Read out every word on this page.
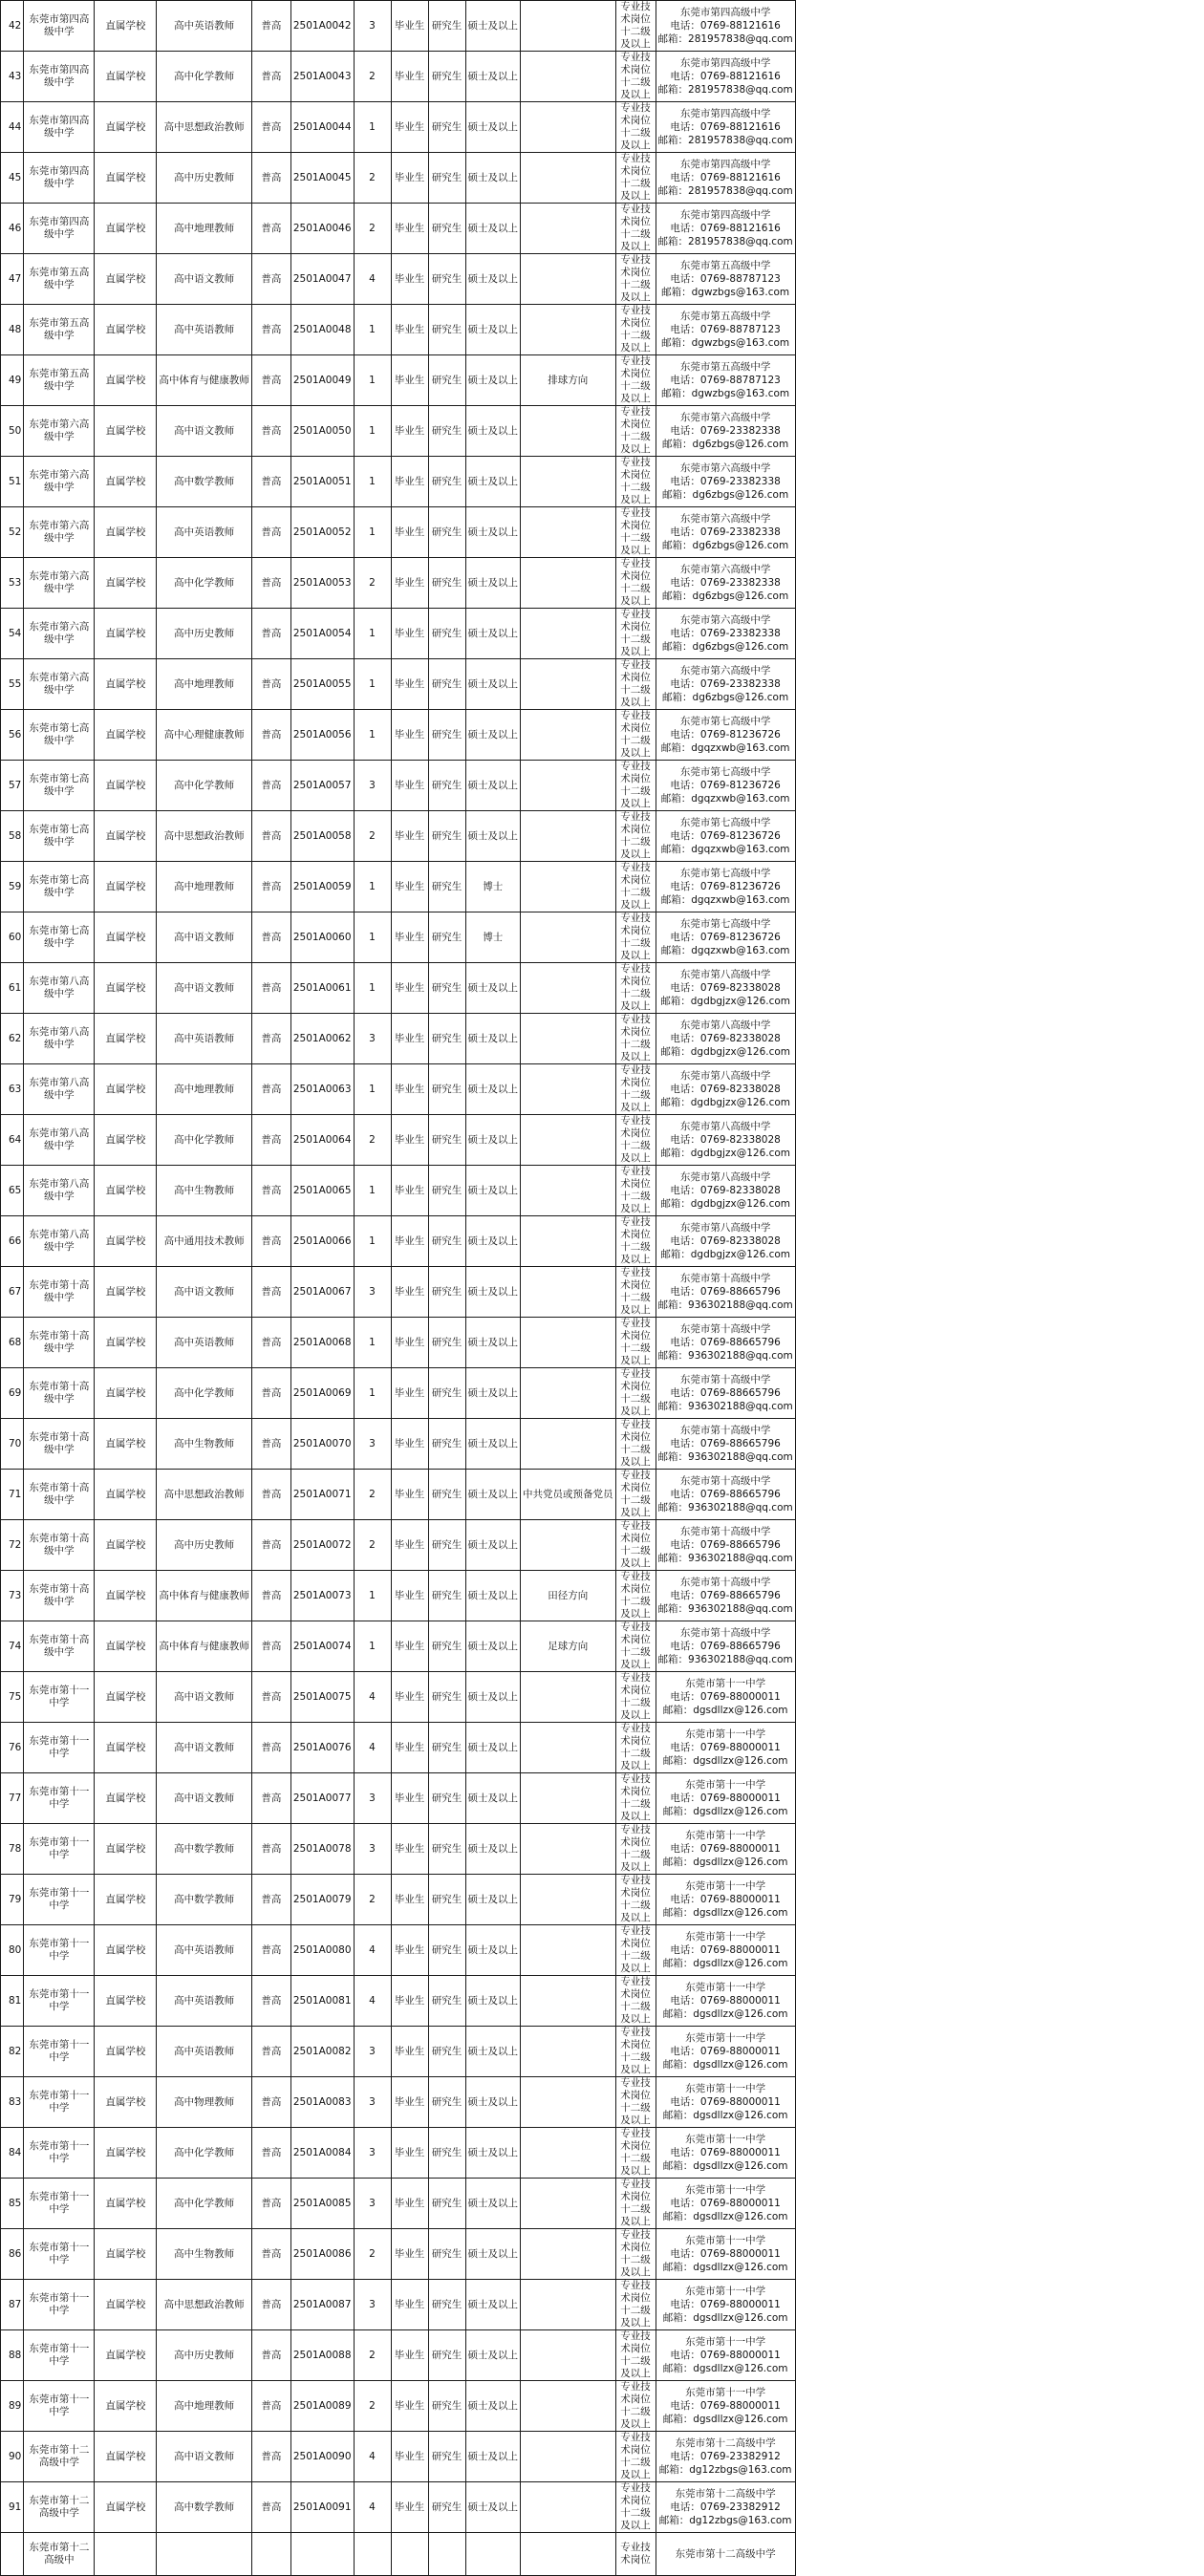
42	东莞市第四高级中学	直属学校	高中英语教师	普高	2501A0042	3	毕业生	研究生	硕士及以上		专业技术岗位十二级及以上	东莞市第四高级中学
电话：0769-88121616
邮箱：281957838@qq.com	

43	东莞市第四高级中学	直属学校	高中化学教师	普高	2501A0043	2	毕业生	研究生	硕士及以上		专业技术岗位十二级及以上	东莞市第四高级中学
电话：0769-88121616
邮箱：281957838@qq.com	

44	东莞市第四高级中学	直属学校	高中思想政治教师	普高	2501A0044	1	毕业生	研究生	硕士及以上		专业技术岗位十二级及以上	东莞市第四高级中学
电话：0769-88121616
邮箱：281957838@qq.com	

45	东莞市第四高级中学	直属学校	高中历史教师	普高	2501A0045	2	毕业生	研究生	硕士及以上		专业技术岗位十二级及以上	东莞市第四高级中学
电话：0769-88121616
邮箱：281957838@qq.com	

46	东莞市第四高级中学	直属学校	高中地理教师	普高	2501A0046	2	毕业生	研究生	硕士及以上		专业技术岗位十二级及以上	东莞市第四高级中学
电话：0769-88121616
邮箱：281957838@qq.com	

47	东莞市第五高级中学	直属学校	高中语文教师	普高	2501A0047	4	毕业生	研究生	硕士及以上		专业技术岗位十二级及以上	东莞市第五高级中学
电话：0769-88787123
邮箱：dgwzbgs@163.com	

48	东莞市第五高级中学	直属学校	高中英语教师	普高	2501A0048	1	毕业生	研究生	硕士及以上		专业技术岗位十二级及以上	东莞市第五高级中学
电话：0769-88787123
邮箱：dgwzbgs@163.com	

49	东莞市第五高级中学	直属学校	高中体育与健康教师	普高	2501A0049	1	毕业生	研究生	硕士及以上	排球方向	专业技术岗位十二级及以上	东莞市第五高级中学
电话：0769-88787123
邮箱：dgwzbgs@163.com	

50	东莞市第六高级中学	直属学校	高中语文教师	普高	2501A0050	1	毕业生	研究生	硕士及以上		专业技术岗位十二级及以上	东莞市第六高级中学
电话：0769-23382338
邮箱：dg6zbgs@126.com	

51	东莞市第六高级中学	直属学校	高中数学教师	普高	2501A0051	1	毕业生	研究生	硕士及以上		专业技术岗位十二级及以上	东莞市第六高级中学
电话：0769-23382338
邮箱：dg6zbgs@126.com	

52	东莞市第六高级中学	直属学校	高中英语教师	普高	2501A0052	1	毕业生	研究生	硕士及以上		专业技术岗位十二级及以上	东莞市第六高级中学
电话：0769-23382338
邮箱：dg6zbgs@126.com	

53	东莞市第六高级中学	直属学校	高中化学教师	普高	2501A0053	2	毕业生	研究生	硕士及以上		专业技术岗位十二级及以上	东莞市第六高级中学
电话：0769-23382338
邮箱：dg6zbgs@126.com	

54	东莞市第六高级中学	直属学校	高中历史教师	普高	2501A0054	1	毕业生	研究生	硕士及以上		专业技术岗位十二级及以上	东莞市第六高级中学
电话：0769-23382338
邮箱：dg6zbgs@126.com	

55	东莞市第六高级中学	直属学校	高中地理教师	普高	2501A0055	1	毕业生	研究生	硕士及以上		专业技术岗位十二级及以上	东莞市第六高级中学
电话：0769-23382338
邮箱：dg6zbgs@126.com	

56	东莞市第七高级中学	直属学校	高中心理健康教师	普高	2501A0056	1	毕业生	研究生	硕士及以上		专业技术岗位十二级及以上	东莞市第七高级中学
电话：0769-81236726
邮箱：dgqzxwb@163.com	

57	东莞市第七高级中学	直属学校	高中化学教师	普高	2501A0057	3	毕业生	研究生	硕士及以上		专业技术岗位十二级及以上	东莞市第七高级中学
电话：0769-81236726
邮箱：dgqzxwb@163.com	

58	东莞市第七高级中学	直属学校	高中思想政治教师	普高	2501A0058	2	毕业生	研究生	硕士及以上		专业技术岗位十二级及以上	东莞市第七高级中学
电话：0769-81236726
邮箱：dgqzxwb@163.com	

59	东莞市第七高级中学	直属学校	高中地理教师	普高	2501A0059	1	毕业生	研究生	博士		专业技术岗位十二级及以上	东莞市第七高级中学
电话：0769-81236726
邮箱：dgqzxwb@163.com	

60	东莞市第七高级中学	直属学校	高中语文教师	普高	2501A0060	1	毕业生	研究生	博士		专业技术岗位十二级及以上	东莞市第七高级中学
电话：0769-81236726
邮箱：dgqzxwb@163.com	

61	东莞市第八高级中学	直属学校	高中语文教师	普高	2501A0061	1	毕业生	研究生	硕士及以上		专业技术岗位十二级及以上	东莞市第八高级中学
电话：0769-82338028
邮箱：dgdbgjzx@126.com	

62	东莞市第八高级中学	直属学校	高中英语教师	普高	2501A0062	3	毕业生	研究生	硕士及以上		专业技术岗位十二级及以上	东莞市第八高级中学
电话：0769-82338028
邮箱：dgdbgjzx@126.com	

63	东莞市第八高级中学	直属学校	高中地理教师	普高	2501A0063	1	毕业生	研究生	硕士及以上		专业技术岗位十二级及以上	东莞市第八高级中学
电话：0769-82338028
邮箱：dgdbgjzx@126.com	

64	东莞市第八高级中学	直属学校	高中化学教师	普高	2501A0064	2	毕业生	研究生	硕士及以上		专业技术岗位十二级及以上	东莞市第八高级中学
电话：0769-82338028
邮箱：dgdbgjzx@126.com	

65	东莞市第八高级中学	直属学校	高中生物教师	普高	2501A0065	1	毕业生	研究生	硕士及以上		专业技术岗位十二级及以上	东莞市第八高级中学
电话：0769-82338028
邮箱：dgdbgjzx@126.com	

66	东莞市第八高级中学	直属学校	高中通用技术教师	普高	2501A0066	1	毕业生	研究生	硕士及以上		专业技术岗位十二级及以上	东莞市第八高级中学
电话：0769-82338028
邮箱：dgdbgjzx@126.com	

67	东莞市第十高级中学	直属学校	高中语文教师	普高	2501A0067	3	毕业生	研究生	硕士及以上		专业技术岗位十二级及以上	东莞市第十高级中学
电话：0769-88665796
邮箱：936302188@qq.com	

68	东莞市第十高级中学	直属学校	高中英语教师	普高	2501A0068	1	毕业生	研究生	硕士及以上		专业技术岗位十二级及以上	东莞市第十高级中学
电话：0769-88665796
邮箱：936302188@qq.com	

69	东莞市第十高级中学	直属学校	高中化学教师	普高	2501A0069	1	毕业生	研究生	硕士及以上		专业技术岗位十二级及以上	东莞市第十高级中学
电话：0769-88665796
邮箱：936302188@qq.com	

70	东莞市第十高级中学	直属学校	高中生物教师	普高	2501A0070	3	毕业生	研究生	硕士及以上		专业技术岗位十二级及以上	东莞市第十高级中学
电话：0769-88665796
邮箱：936302188@qq.com	

71	东莞市第十高级中学	直属学校	高中思想政治教师	普高	2501A0071	2	毕业生	研究生	硕士及以上	中共党员或预备党员	专业技术岗位十二级及以上	东莞市第十高级中学
电话：0769-88665796
邮箱：936302188@qq.com	

72	东莞市第十高级中学	直属学校	高中历史教师	普高	2501A0072	2	毕业生	研究生	硕士及以上		专业技术岗位十二级及以上	东莞市第十高级中学
电话：0769-88665796
邮箱：936302188@qq.com	

73	东莞市第十高级中学	直属学校	高中体育与健康教师	普高	2501A0073	1	毕业生	研究生	硕士及以上	田径方向	专业技术岗位十二级及以上	东莞市第十高级中学
电话：0769-88665796
邮箱：936302188@qq.com	

74	东莞市第十高级中学	直属学校	高中体育与健康教师	普高	2501A0074	1	毕业生	研究生	硕士及以上	足球方向	专业技术岗位十二级及以上	东莞市第十高级中学
电话：0769-88665796
邮箱：936302188@qq.com	

75	东莞市第十一中学	直属学校	高中语文教师	普高	2501A0075	4	毕业生	研究生	硕士及以上		专业技术岗位十二级及以上	东莞市第十一中学
电话：0769-88000011
邮箱：dgsdllzx@126.com	

76	东莞市第十一中学	直属学校	高中语文教师	普高	2501A0076	4	毕业生	研究生	硕士及以上		专业技术岗位十二级及以上	东莞市第十一中学
电话：0769-88000011
邮箱：dgsdllzx@126.com	

77	东莞市第十一中学	直属学校	高中语文教师	普高	2501A0077	3	毕业生	研究生	硕士及以上		专业技术岗位十二级及以上	东莞市第十一中学
电话：0769-88000011
邮箱：dgsdllzx@126.com	

78	东莞市第十一中学	直属学校	高中数学教师	普高	2501A0078	3	毕业生	研究生	硕士及以上		专业技术岗位十二级及以上	东莞市第十一中学
电话：0769-88000011
邮箱：dgsdllzx@126.com	

79	东莞市第十一中学	直属学校	高中数学教师	普高	2501A0079	2	毕业生	研究生	硕士及以上		专业技术岗位十二级及以上	东莞市第十一中学
电话：0769-88000011
邮箱：dgsdllzx@126.com	

80	东莞市第十一中学	直属学校	高中英语教师	普高	2501A0080	4	毕业生	研究生	硕士及以上		专业技术岗位十二级及以上	东莞市第十一中学
电话：0769-88000011
邮箱：dgsdllzx@126.com	

81	东莞市第十一中学	直属学校	高中英语教师	普高	2501A0081	4	毕业生	研究生	硕士及以上		专业技术岗位十二级及以上	东莞市第十一中学
电话：0769-88000011
邮箱：dgsdllzx@126.com	

82	东莞市第十一中学	直属学校	高中英语教师	普高	2501A0082	3	毕业生	研究生	硕士及以上		专业技术岗位十二级及以上	东莞市第十一中学
电话：0769-88000011
邮箱：dgsdllzx@126.com	

83	东莞市第十一中学	直属学校	高中物理教师	普高	2501A0083	3	毕业生	研究生	硕士及以上		专业技术岗位十二级及以上	东莞市第十一中学
电话：0769-88000011
邮箱：dgsdllzx@126.com	

84	东莞市第十一中学	直属学校	高中化学教师	普高	2501A0084	3	毕业生	研究生	硕士及以上		专业技术岗位十二级及以上	东莞市第十一中学
电话：0769-88000011
邮箱：dgsdllzx@126.com	

85	东莞市第十一中学	直属学校	高中化学教师	普高	2501A0085	3	毕业生	研究生	硕士及以上		专业技术岗位十二级及以上	东莞市第十一中学
电话：0769-88000011
邮箱：dgsdllzx@126.com	

86	东莞市第十一中学	直属学校	高中生物教师	普高	2501A0086	2	毕业生	研究生	硕士及以上		专业技术岗位十二级及以上	东莞市第十一中学
电话：0769-88000011
邮箱：dgsdllzx@126.com	

87	东莞市第十一中学	直属学校	高中思想政治教师	普高	2501A0087	3	毕业生	研究生	硕士及以上		专业技术岗位十二级及以上	东莞市第十一中学
电话：0769-88000011
邮箱：dgsdllzx@126.com	

88	东莞市第十一中学	直属学校	高中历史教师	普高	2501A0088	2	毕业生	研究生	硕士及以上		专业技术岗位十二级及以上	东莞市第十一中学
电话：0769-88000011
邮箱：dgsdllzx@126.com	

89	东莞市第十一中学	直属学校	高中地理教师	普高	2501A0089	2	毕业生	研究生	硕士及以上		专业技术岗位十二级及以上	东莞市第十一中学
电话：0769-88000011
邮箱：dgsdllzx@126.com	

90	东莞市第十二高级中学	直属学校	高中语文教师	普高	2501A0090	4	毕业生	研究生	硕士及以上		专业技术岗位十二级及以上	东莞市第十二高级中学
电话：0769-23382912
邮箱：dg12zbgs@163.com	

91	东莞市第十二高级中学	直属学校	高中数学教师	普高	2501A0091	4	毕业生	研究生	硕士及以上		专业技术岗位十二级及以上	东莞市第十二高级中学
电话：0769-23382912
邮箱：dg12zbgs@163.com	

	东莞市第十二高级中										专业技术岗位	东莞市第十二高级中学	
